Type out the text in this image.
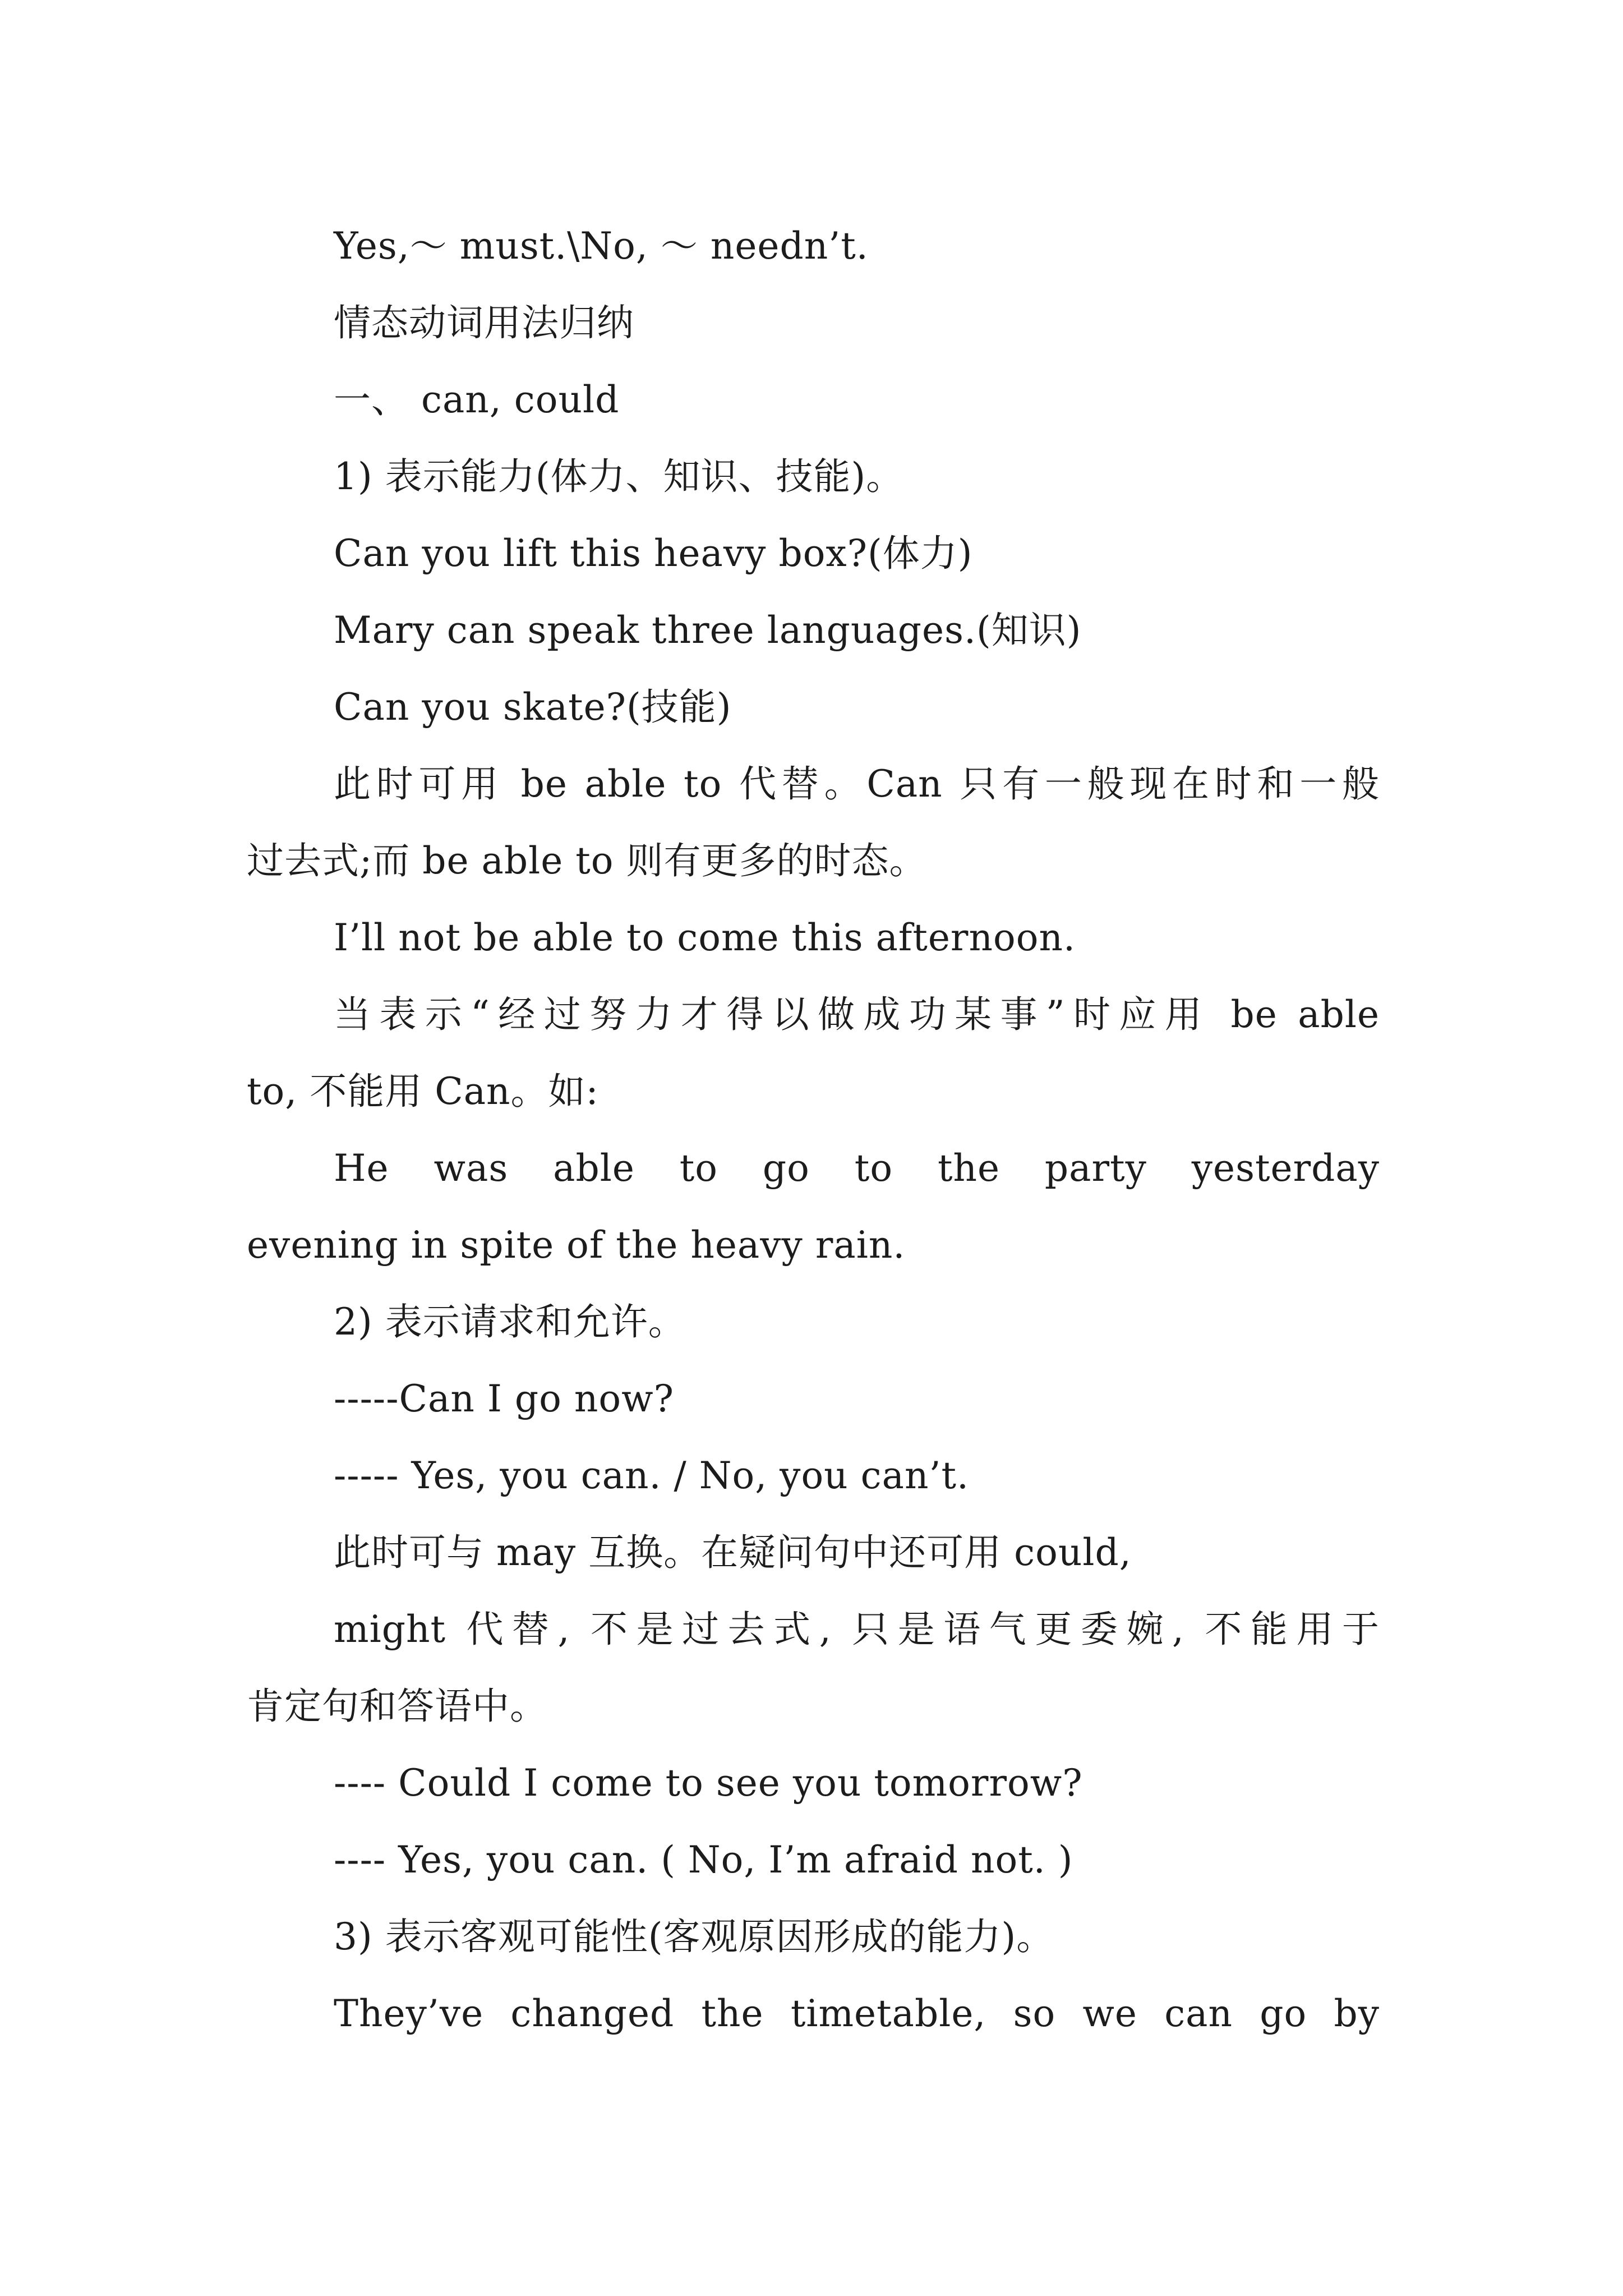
Yes,～ must.\No, ～ needn’t.
情态动词用法归纳
一、 can, could
1) 表示能力(体力、知识、技能)。
Can you lift this heavy box?(体力)
Mary can speak three languages.(知识)
Can you skate?(技能)
此时可用 be able to 代替。Can 只有一般现在时和一般
过去式;而 be able to 则有更多的时态。
I’ll not be able to come this afternoon.
当表示“经过努力才得以做成功某事”时应用 be able
to, 不能用 Can。如:
He was able to go to the party yesterday
evening in spite of the heavy rain.
2) 表示请求和允许。
-----Can I go now?
----- Yes, you can. / No, you can’t.
此时可与 may 互换。在疑问句中还可用 could,
might 代替, 不是过去式, 只是语气更委婉, 不能用于
肯定句和答语中。
---- Could I come to see you tomorrow?
---- Yes, you can. ( No, I’m afraid not. )
3) 表示客观可能性(客观原因形成的能力)。
They’ve changed the timetable, so we can go by
